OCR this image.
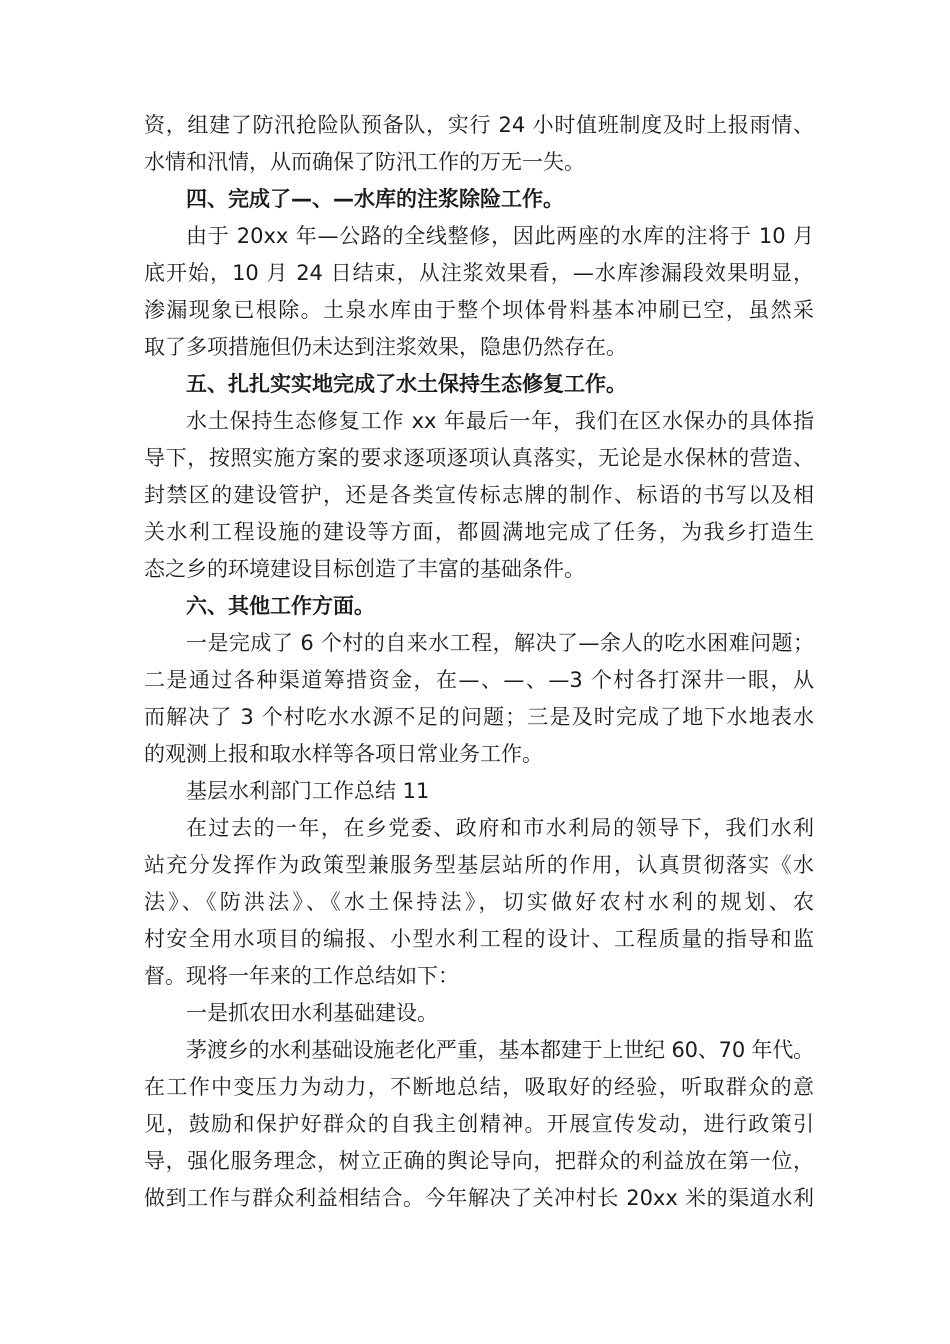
资，组建了防汛抢险队预备队，实行 24 小时值班制度及时上报雨情、

水情和汛情，从而确保了防汛工作的万无一失。

四、完成了—、—水库的注浆除险工作。

由于 20xx 年—公路的全线整修，因此两座的水库的注将于 10 月

底开始，10 月 24 日结束，从注浆效果看，—水库渗漏段效果明显，

渗漏现象已根除。土泉水库由于整个坝体骨料基本冲刷已空，虽然采

取了多项措施但仍未达到注浆效果，隐患仍然存在。

五、扎扎实实地完成了水土保持生态修复工作。

水土保持生态修复工作 xx 年最后一年，我们在区水保办的具体指

导下，按照实施方案的要求逐项逐项认真落实，无论是水保林的营造、

封禁区的建设管护，还是各类宣传标志牌的制作、标语的书写以及相

关水利工程设施的建设等方面，都圆满地完成了任务，为我乡打造生

态之乡的环境建设目标创造了丰富的基础条件。

六、其他工作方面。

一是完成了 6 个村的自来水工程，解决了—余人的吃水困难问题；

二是通过各种渠道筹措资金，在—、—、—3 个村各打深井一眼，从

而解决了 3 个村吃水水源不足的问题；三是及时完成了地下水地表水

的观测上报和取水样等各项日常业务工作。

基层水利部门工作总结 11

在过去的一年，在乡党委、政府和市水利局的领导下，我们水利

站充分发挥作为政策型兼服务型基层站所的作用，认真贯彻落实《水

法》、《防洪法》、《水土保持法》，切实做好农村水利的规划、农

村安全用水项目的编报、小型水利工程的设计、工程质量的指导和监

督。现将一年来的工作总结如下：

一是抓农田水利基础建设。

茅渡乡的水利基础设施老化严重，基本都建于上世纪 60、70 年代。

在工作中变压力为动力，不断地总结，吸取好的经验，听取群众的意

见，鼓励和保护好群众的自我主创精神。开展宣传发动，进行政策引

导，强化服务理念，树立正确的舆论导向，把群众的利益放在第一位，

做到工作与群众利益相结合。今年解决了关冲村长 20xx 米的渠道水利
